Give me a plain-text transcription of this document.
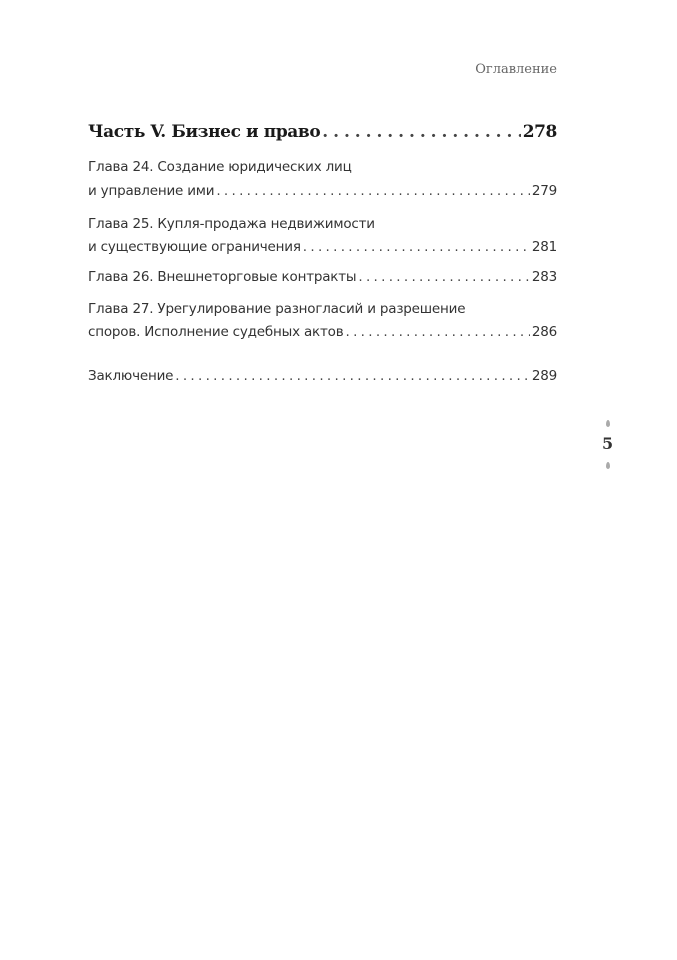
Оглавление
Часть V. Бизнес и право . . .	278
Глава 24. Создание юридических лиц
и управление ими . . .	279
Глава 25. Купля-продажа недвижимости
и существующие ограничения . . .	281
Глава 26. Внешнеторговые контракты . . .	283
Глава 27. Урегулирование разногласий и разрешение
споров. Исполнение судебных актов . . .	286
Заключение . . .	289
5
